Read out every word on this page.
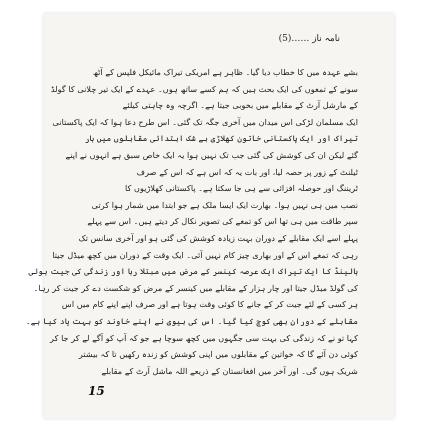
نامہ ناز ……(5)
بشے عہدہ میں کا خطاب دیا گیا۔ ظاہر ہے امریکی تیراک مائیکل فلپس کے آٹھ
سونے کے تمغوں کی ایک بحث ہیں کہ ہم کسے ساتھ ہوں۔ عہدے کے ایک تیر چلانی کا گولڈ
کے مارشل آرٹ کے مقابلے میں بخوبی جیتا ہے۔ اگرچہ وہ چاہتی کیلئے
ایک مسلمان لڑکی اس میدان میں آخری جگہ تک گئی۔ اس طرح دعا ہوا کہ ایک پاکستانی
تیراک اور ایک پاکستانی خاتون کھلاڑی بے شک ابتدائی مقابلوں میں ہار
گئے لیکن ان کی کوشش کی گئی جب تک نہیں ہوا یہ ایک خاص سبق ہے انہوں نے اپنے
ٹیلنٹ کے زور پر حصہ لیا، اور بات یہ کہ اس ہے کہ اس کے صرف
ٹریننگ اور حوصلہ افزائی سے ہی جا سکتا ہے۔ پاکستانی کھلاڑیوں کا
نصب میں ہی نہیں ہوا۔ بھارت ایک ایسا ملک ہے جو ابتدا میں شمار ہوا کرتی
سپر طاقت میں ہی تھا اس کو تمغے کی تصویر نکال کر دیتے ہیں۔ اس سے پہلے
پہلے اسے ایک مقابلے کے دوران بہت زیادہ کوشش کی گئی ہو اور آخری سانس تک
رہی کہ تمغے اس کے اور بھاری چیز کام نہیں آئی۔ ایک وقت کے دوران میں کچھ میڈل جیتا
ہالینڈ کا ایک تیراک ایک عرصہ کینسر کے مرض میں مبتلا رہا اور زندگی کی جیت ہوئی
کی گولڈ میڈل جیتا اور چار ہزار کے مقابلے میں کینسر کے مرض کو شکست دے کر جیت کر رہا۔
ہر کسی کے لئے جیت کر کے جانے کا کوئی وقت ہوتا ہے اور صرف اپنے اپنے کام میں اس
مقابلے کے دوران بھی کوچ کیا گیا۔ اس کی بیوی نے اپنے خاوند کو بہت یاد کیا ہے۔
کہا تو نے کہ زندگی کی بہت سی جگہوں میں کچھ سوچا ہے جو کہ آپ کو آگے لے کر جا کر
کوئی دن آئے گا کہ خواتین کے مقابلوں میں اپنی کوشش کو زندہ رکھیں تا کہ بیشتر
شریک ہوں گی۔ اور آخر میں افغانستان کے ذریعے اللہ ماشل آرٹ کے مقابلے
15
